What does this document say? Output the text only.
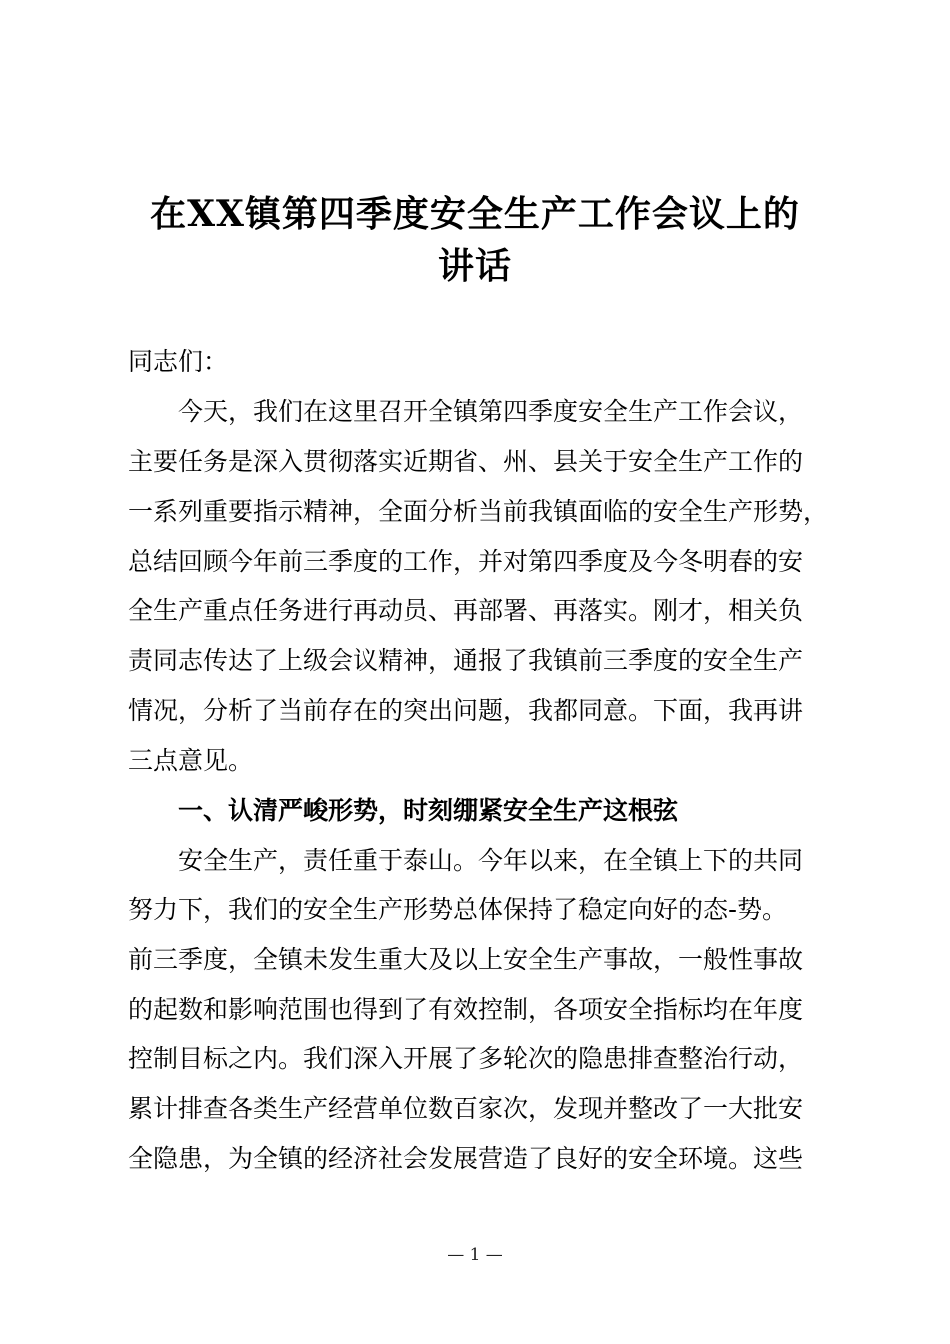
在XX镇第四季度安全生产工作会议上的
讲话
同志们：
今天，我们在这里召开全镇第四季度安全生产工作会议，
主要任务是深入贯彻落实近期省、州、县关于安全生产工作的
一系列重要指示精神，全面分析当前我镇面临的安全生产形势，
总结回顾今年前三季度的工作，并对第四季度及今冬明春的安
全生产重点任务进行再动员、再部署、再落实。刚才，相关负
责同志传达了上级会议精神，通报了我镇前三季度的安全生产
情况，分析了当前存在的突出问题，我都同意。下面，我再讲
三点意见。
一、认清严峻形势，时刻绷紧安全生产这根弦
安全生产，责任重于泰山。今年以来，在全镇上下的共同
努力下，我们的安全生产形势总体保持了稳定向好的态-势。
前三季度，全镇未发生重大及以上安全生产事故，一般性事故
的起数和影响范围也得到了有效控制，各项安全指标均在年度
控制目标之内。我们深入开展了多轮次的隐患排查整治行动，
累计排查各类生产经营单位数百家次，发现并整改了一大批安
全隐患，为全镇的经济社会发展营造了良好的安全环境。这些
— 1 —
